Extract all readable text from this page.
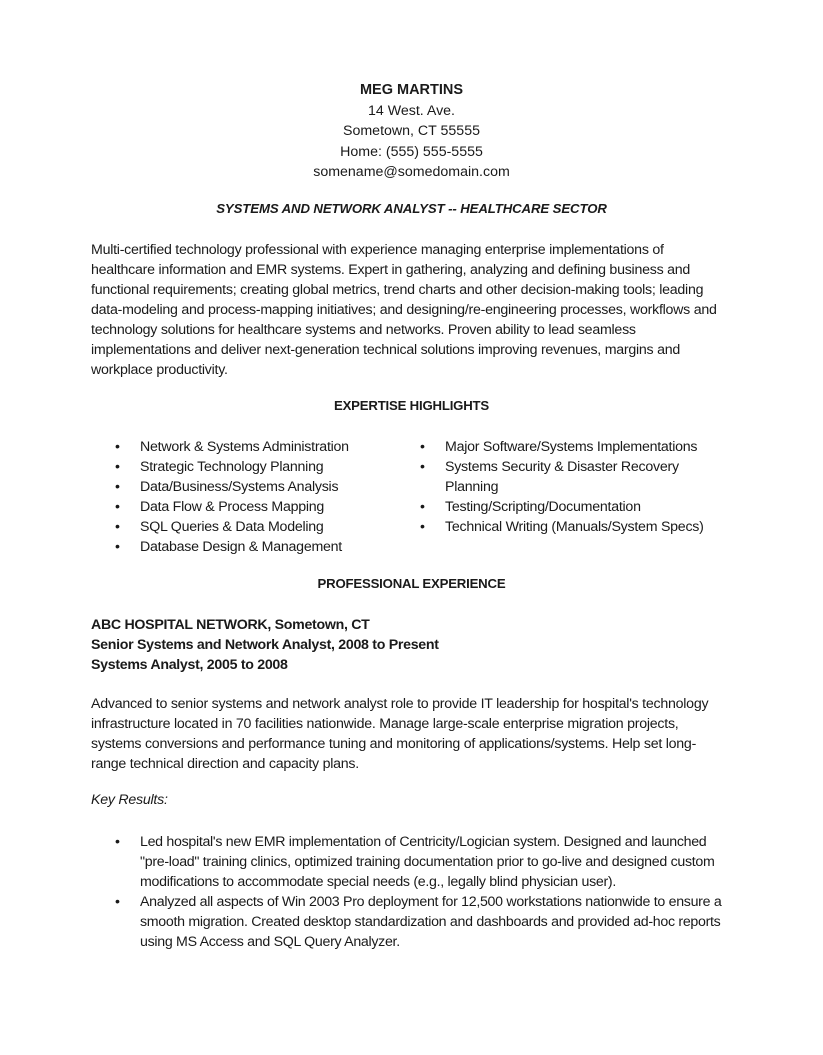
MEG MARTINS
14 West. Ave.
Sometown, CT 55555
Home: (555) 555-5555
somename@somedomain.com
SYSTEMS AND NETWORK ANALYST -- HEALTHCARE SECTOR
Multi-certified technology professional with experience managing enterprise implementations of healthcare information and EMR systems. Expert in gathering, analyzing and defining business and functional requirements; creating global metrics, trend charts and other decision-making tools; leading data-modeling and process-mapping initiatives; and designing/re-engineering processes, workflows and technology solutions for healthcare systems and networks. Proven ability to lead seamless implementations and deliver next-generation technical solutions improving revenues, margins and workplace productivity.
EXPERTISE HIGHLIGHTS
• Network & Systems Administration
• Strategic Technology Planning
• Data/Business/Systems Analysis
• Data Flow & Process Mapping
• SQL Queries & Data Modeling
• Database Design & Management
• Major Software/Systems Implementations
• Systems Security & Disaster Recovery Planning
• Testing/Scripting/Documentation
• Technical Writing (Manuals/System Specs)
PROFESSIONAL EXPERIENCE
ABC HOSPITAL NETWORK, Sometown, CT
Senior Systems and Network Analyst, 2008 to Present
Systems Analyst, 2005 to 2008
Advanced to senior systems and network analyst role to provide IT leadership for hospital's technology infrastructure located in 70 facilities nationwide. Manage large-scale enterprise migration projects, systems conversions and performance tuning and monitoring of applications/systems. Help set long-range technical direction and capacity plans.
Key Results:
• Led hospital's new EMR implementation of Centricity/Logician system. Designed and launched "pre-load" training clinics, optimized training documentation prior to go-live and designed custom modifications to accommodate special needs (e.g., legally blind physician user).
• Analyzed all aspects of Win 2003 Pro deployment for 12,500 workstations nationwide to ensure a smooth migration. Created desktop standardization and dashboards and provided ad-hoc reports using MS Access and SQL Query Analyzer.
